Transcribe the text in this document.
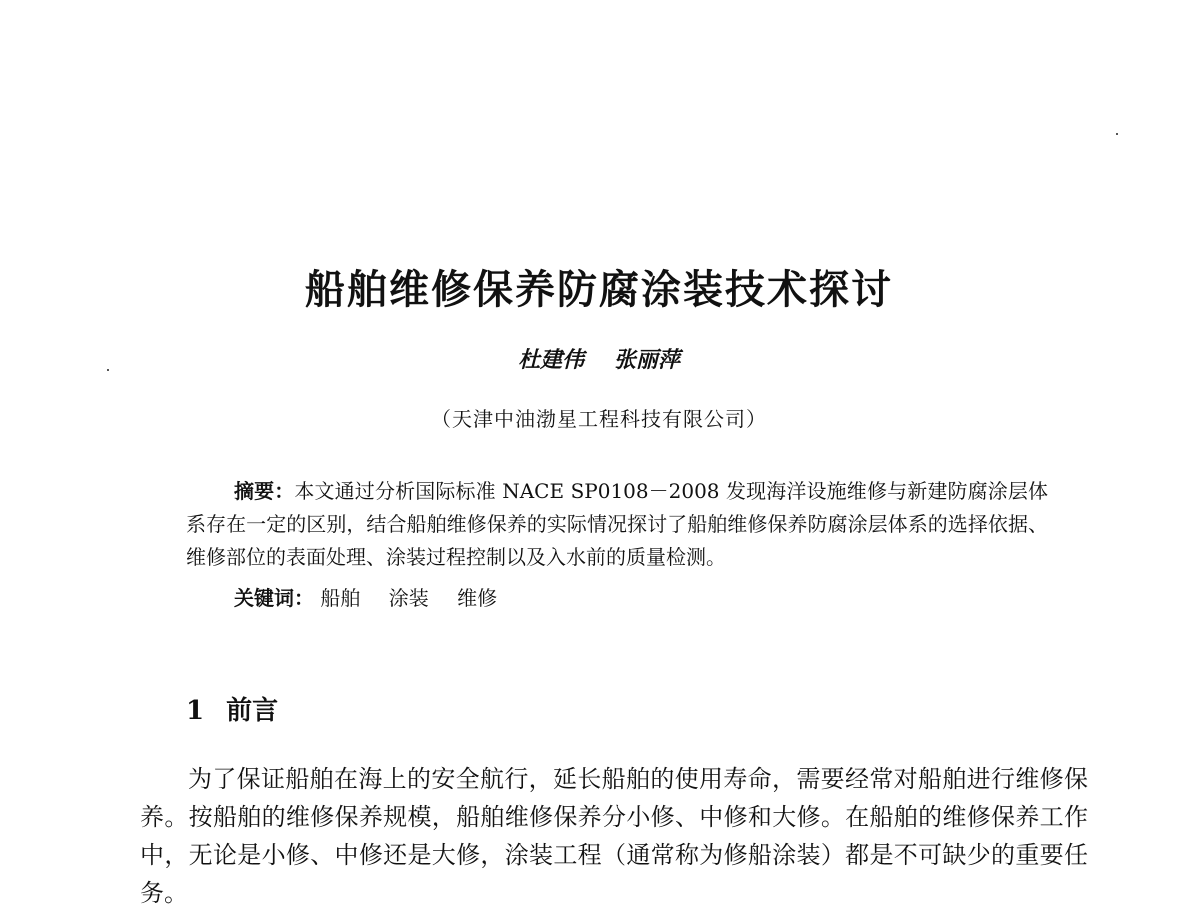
船舶维修保养防腐涂装技术探讨
杜建伟 张丽萍
（天津中油渤星工程科技有限公司）
摘要：本文通过分析国际标准 NACE SP0108－2008 发现海洋设施维修与新建防腐涂层体系存在一定的区别，结合船舶维修保养的实际情况探讨了船舶维修保养防腐涂层体系的选择依据、维修部位的表面处理、涂装过程控制以及入水前的质量检测。
关键词： 船舶 涂装 维修
1 前言
为了保证船舶在海上的安全航行，延长船舶的使用寿命，需要经常对船舶进行维修保养。按船舶的维修保养规模，船舶维修保养分小修、中修和大修。在船舶的维修保养工作中，无论是小修、中修还是大修，涂装工程（通常称为修船涂装）都是不可缺少的重要任务。
